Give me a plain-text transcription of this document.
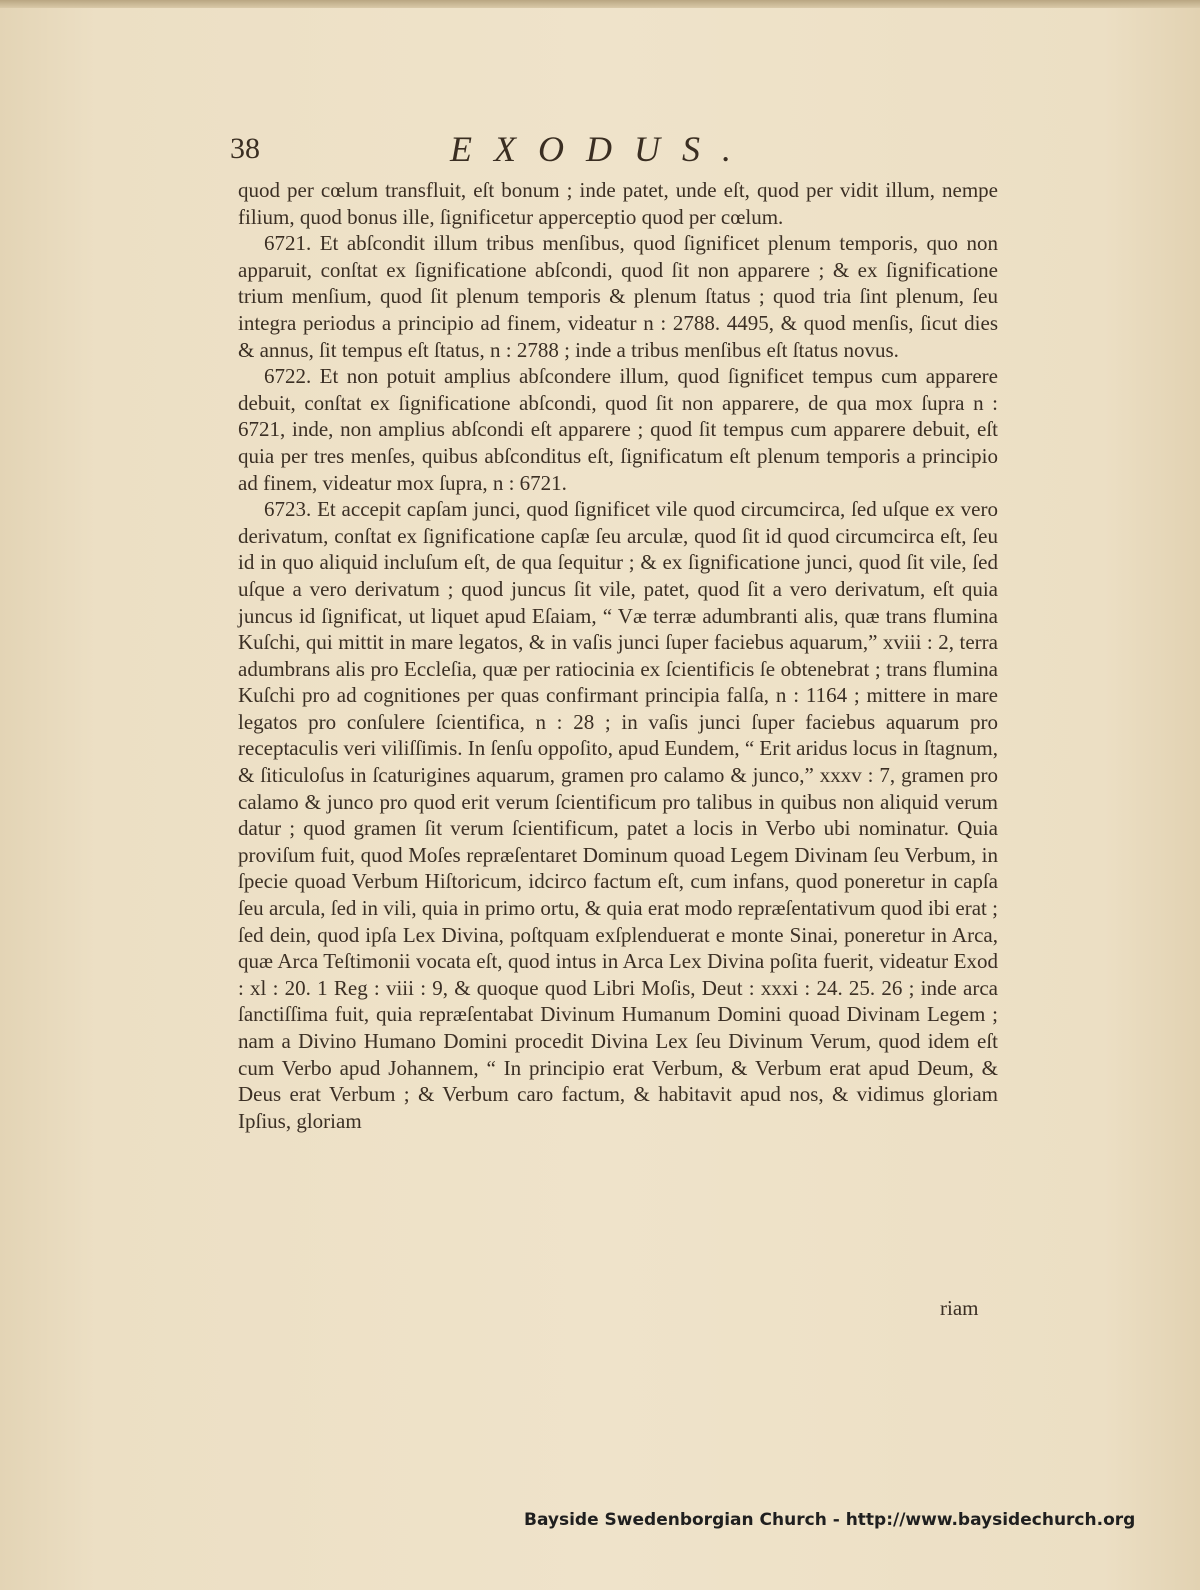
38	EXODUS.

quod per cœlum transfluit, eſt bonum ; inde patet, unde eſt, quod per vidit illum, nempe filium, quod bonus ille, ſignificetur apperceptio quod per cœlum.

6721. Et abſcondit illum tribus menſibus, quod ſignificet plenum temporis, quo non apparuit, conſtat ex ſignificatione abſcondi, quod ſit non apparere ; & ex ſignificatione trium menſium, quod ſit plenum temporis & plenum ſtatus ; quod tria ſint plenum, ſeu integra periodus a principio ad finem, videatur n : 2788. 4495, & quod menſis, ſicut dies & annus, ſit tempus eſt ſtatus, n : 2788 ; inde a tribus menſibus eſt ſtatus novus.

6722. Et non potuit amplius abſcondere illum, quod ſignificet tempus cum apparere debuit, conſtat ex ſignificatione abſcondi, quod ſit non apparere, de qua mox ſupra n : 6721, inde, non amplius abſcondi eſt apparere ; quod ſit tempus cum apparere debuit, eſt quia per tres menſes, quibus abſconditus eſt, ſignificatum eſt plenum temporis a principio ad finem, videatur mox ſupra, n : 6721.

6723. Et accepit capſam junci, quod ſignificet vile quod circumcirca, ſed uſque ex vero derivatum, conſtat ex ſignificatione capſæ ſeu arculæ, quod ſit id quod circumcirca eſt, ſeu id in quo aliquid incluſum eſt, de qua ſequitur ; & ex ſignificatione junci, quod ſit vile, ſed uſque a vero derivatum ; quod juncus ſit vile, patet, quod ſit a vero derivatum, eſt quia juncus id ſignificat, ut liquet apud Eſaiam, “ Væ terræ adumbranti alis, quæ trans flumina Kuſchi, qui mittit in mare legatos, & in vaſis junci ſuper faciebus aquarum,” xviii : 2, terra adumbrans alis pro Eccleſia, quæ per ratiocinia ex ſcientificis ſe obtenebrat ; trans flumina Kuſchi pro ad cognitiones per quas confirmant principia falſa, n : 1164 ; mittere in mare legatos pro conſulere ſcientifica, n : 28 ; in vaſis junci ſuper faciebus aquarum pro receptaculis veri viliſſimis. In ſenſu oppoſito, apud Eundem, “ Erit aridus locus in ſtagnum, & ſiticuloſus in ſcaturigines aquarum, gramen pro calamo & junco,” xxxv : 7, gramen pro calamo & junco pro quod erit verum ſcientificum pro talibus in quibus non aliquid verum datur ; quod gramen ſit verum ſcientificum, patet a locis in Verbo ubi nominatur. Quia proviſum fuit, quod Moſes repræſentaret Dominum quoad Legem Divinam ſeu Verbum, in ſpecie quoad Verbum Hiſtoricum, idcirco factum eſt, cum infans, quod poneretur in capſa ſeu arcula, ſed in vili, quia in primo ortu, & quia erat modo repræſentativum quod ibi erat ; ſed dein, quod ipſa Lex Divina, poſtquam exſplenduerat e monte Sinai, poneretur in Arca, quæ Arca Teſtimonii vocata eſt, quod intus in Arca Lex Divina poſita fuerit, videatur Exod : xl : 20. 1 Reg : viii : 9, & quoque quod Libri Moſis, Deut : xxxi : 24. 25. 26 ; inde arca ſanctiſſima fuit, quia repræſentabat Divinum Humanum Domini quoad Divinam Legem ; nam a Divino Humano Domini procedit Divina Lex ſeu Divinum Verum, quod idem eſt cum Verbo apud Johannem, “ In principio erat Verbum, & Verbum erat apud Deum, & Deus erat Verbum ; & Verbum caro factum, & habitavit apud nos, & vidimus gloriam Ipſius, gloriam

riam
Bayside Swedenborgian Church - http://www.baysidechurch.org
